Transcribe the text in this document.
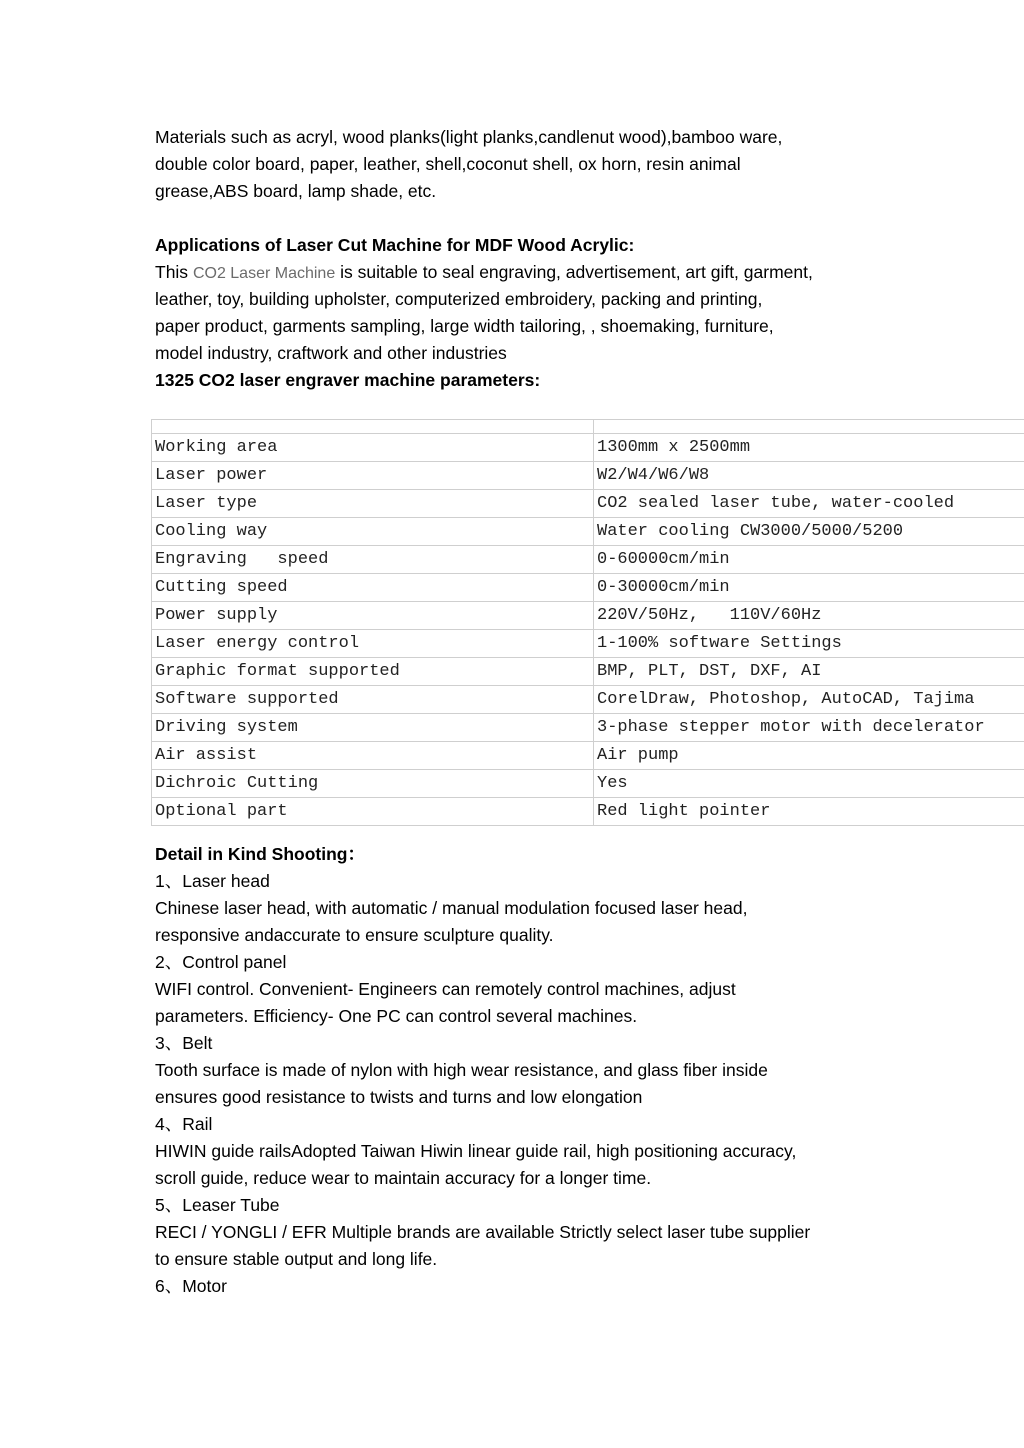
Materials such as acryl, wood planks(light planks,candlenut wood),bamboo ware,
double color board, paper, leather, shell,coconut shell, ox horn, resin animal
grease,ABS board, lamp shade, etc.
Applications of Laser Cut Machine for MDF Wood Acrylic:
This CO2 Laser Machine is suitable to seal engraving, advertisement, art gift, garment,
leather, toy, building upholster, computerized embroidery, packing and printing,
paper product, garments sampling, large width tailoring, , shoemaking, furniture,
model industry, craftwork and other industries
1325 CO2 laser engraver machine parameters:

Working area	1300mm x 2500mm
Laser power	W2/W4/W6/W8
Laser type	CO2 sealed laser tube, water-cooled
Cooling way	Water cooling CW3000/5000/5200
Engraving   speed	0-60000cm/min
Cutting speed	0-30000cm/min
Power supply	220V/50Hz,   110V/60Hz
Laser energy control	1-100% software Settings
Graphic format supported	BMP, PLT, DST, DXF, AI
Software supported	CorelDraw, Photoshop, AutoCAD, Tajima
Driving system	3-phase stepper motor with decelerator
Air assist	Air pump
Dichroic Cutting	Yes
Optional part	Red light pointer
Detail in Kind Shooting：
1、Laser head
Chinese laser head, with automatic / manual modulation focused laser head,
responsive andaccurate to ensure sculpture quality.
2、Control panel
WIFI control. Convenient- Engineers can remotely control machines, adjust
parameters. Efficiency- One PC can control several machines.
3、Belt
Tooth surface is made of nylon with high wear resistance, and glass fiber inside
ensures good resistance to twists and turns and low elongation
4、Rail
HIWIN guide railsAdopted Taiwan Hiwin linear guide rail, high positioning accuracy,
scroll guide, reduce wear to maintain accuracy for a longer time.
5、Leaser Tube
RECI / YONGLI / EFR Multiple brands are available Strictly select laser tube supplier
to ensure stable output and long life.
6、Motor
